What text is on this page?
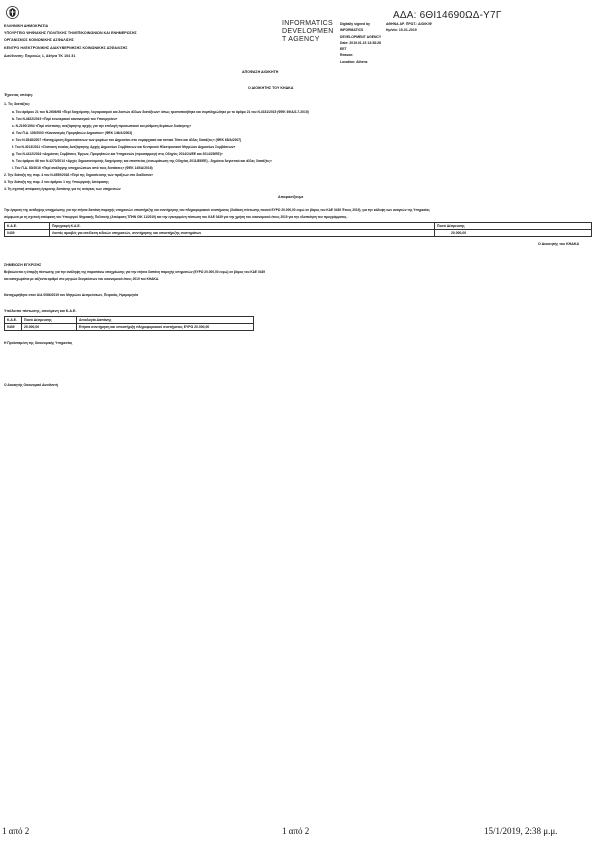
ΕΛΛΗΝΙΚΗ ΔΗΜΟΚΡΑΤΙΑ
ΥΠΟΥΡΓΕΙΟ ΨΗΦΙΑΚΗΣ ΠΟΛΙΤΙΚΗΣ ΤΗΛΕΠΙΚΟΙΝΩΝΙΩΝ ΚΑΙ ΕΝΗΜΕΡΩΣΗΣ
ΟΡΓΑΝΙΣΜΟΣ ΚΟΙΝΩΝΙΚΗΣ ΑΣΦΑΛΙΣΗΣ
ΚΕΝΤΡΟ ΗΛΕΚΤΡΟΝΙΚΗΣ ΔΙΑΚΥΒΕΡΝΗΣΗΣ ΚΟΙΝΩΝΙΚΗΣ ΑΣΦΑΛΙΣΗΣ
Διεύθυνση: Πειραιώς 1, Αθήνα ΤΚ 104 31
INFORMATICS
DEVELOPMEN
T AGENCY
ΑΔΑ: 6ΘΙ14690ΩΔ-Υ7Γ
Digitally signed by
INFORMATICS
DEVELOPMENT AGENCY
Date: 2019.01.15 13:38:28
EET
Reason:
Location: Athens
ΑΘΗΝΑ ΑΡ. ΠΡΩΤ.: ΔΙΟΙΚ/Φ
Ημ/νία: 15-01-2019
ΑΠΟΦΑΣΗ ΔΙΟΙΚΗΤΗ
Ο ΔΙΟΙΚΗΤΗΣ ΤΟΥ ΚΗΔΚΑ
Έχοντας υπόψη:
1. Τις διατάξεις:
a. Του άρθρου 21 του Ν.2606/98 «Περί διαχείρισης Λογαριασμού και λοιπών άλλων διατάξεων» όπως τροποποιήθηκε και συμπληρώθηκε με το άρθρο 21 του Ν.4331/2015 (ΦΕΚ 69/Α/2-7-2015)
b. Του Ν.4622/2019 «Περί εσωτερικού κανονισμού του Υπουργείου»
c. Ν.2190/1994 «Περί σύστασης ανεξάρτητης αρχής για την επιλογή προσωπικού και ρύθμιση θεμάτων διοίκησης»
d. Του Π.Δ. 105/2003 «Κανονισμός Προμηθειών Δημοσίου» (ΦΕΚ 146/Α/2003)
e. Του Ν.3548/2007 «Καταχώριση δημοσιεύσεων των φορέων του Δημοσίου στο νομαρχιακό και τοπικό Τύπο και άλλες διατάξεις» (ΦΕΚ 68/Α/2007)
f. Του Ν.4013/2011 «Σύσταση ενιαίας Ανεξάρτητης Αρχής Δημοσίων Συμβάσεων και Κεντρικού Ηλεκτρονικού Μητρώου Δημοσίων Συμβάσεων»
g. Του Ν.4412/2016 «Δημόσιες Συμβάσεις Έργων, Προμηθειών και Υπηρεσιών (προσαρμογή στις Οδηγίες 2014/24/ΕΕ και 2014/25/ΕΕ)»
h. Του άρθρου 66 του Ν.4270/2014 «Αρχές δημοσιονομικής διαχείρισης και εποπτείας (ενσωμάτωση της Οδηγίας 2011/85/ΕΕ) - δημόσιο λογιστικό και άλλες διατάξεις»
i. Του Π.Δ. 80/2016 «Περί ανάληψης υποχρεώσεων από τους διατάκτες» (ΦΕΚ 145/Α/2016)
2. Την διάταξη της παρ. 4 του Ν.4559/2018 «Περί της δημοσίευσης των πράξεων στο διαδίκτυο»
3. Την διάταξη της παρ. 2 του άρθρου 1 της Υπουργικής Απόφασης
4. Τη σχετική απόφαση έγκρισης δαπάνης για τις ανάγκες των υπηρεσιών
Αποφασίζουμε
Την έγκριση της ανάληψης υποχρέωσης για την ετήσια δαπάνη παροχής υπηρεσιών υποστήριξης και συντήρησης του πληροφοριακού συστήματος (διάθεση πίστωσης ποσού ΕΥΡΩ 20.000,00 ευρώ σε βάρος του ΚΑΕ 0439 Έτους 2019), για την κάλυψη των αναγκών της Υπηρεσίας
σύμφωνα με τη σχετική απόφαση του Υπουργού Ψηφιακής Πολιτικής (Απόφαση ΤΠΗΝ ΟΙΚ 11/2019) και την εγκεκριμένη πίστωση του ΚΑΕ 0439 για την χρήση του οικονομικού έτους 2019 για την υλοποίηση του προγράμματος.
Κ.Α.Ε.	Περιγραφή Κ.Α.Ε.	Ποσό Δέσμευσης
0439	Λοιπές αμοιβές για εκτέλεση ειδικών υπηρεσιών, συντήρησης και υποστήριξης συστημάτων	20.000,00
Ο Διοικητής του ΚΗΔΚΑ
ΣΗΜΕΙΩΣΗ ΕΓΚΡΙΣΗΣ
Βεβαιώνεται η ύπαρξη πίστωσης για την ανάληψη της παραπάνω υποχρέωσης για την ετήσια δαπάνη παροχής υπηρεσιών (ΕΥΡΩ 20.000,00 ευρώ) σε βάρος του ΚΑΕ 0439
και καταχωρείται με αύξοντα αριθμό στο μητρώο δεσμεύσεων του οικονομικού έτους 2019 του ΚΗΔΚΑ.
Καταχωρήθηκε στον Α/Α 0086/2019 του Μητρώου Δεσμεύσεων, Πειραιάς, Ημερομηνία
Υπόλοιπο πίστωσης, αιτούμενη και Κ.Α.Ε.
Κ.Α.Ε.	Ποσό Δέσμευσης	Αιτιολογία Δαπάνης
0439	20.000,00	Ετήσια συντήρηση και υποστήριξη πληροφοριακού συστήματος ΕΥΡΩ 20.000,00
Η Προϊσταμένη της Οικονομικής Υπηρεσίας
Ο Διοικητής Οικονομικό Διευθυντή
1 από 2	1 από 2	15/1/2019, 2:38 μ.μ.
